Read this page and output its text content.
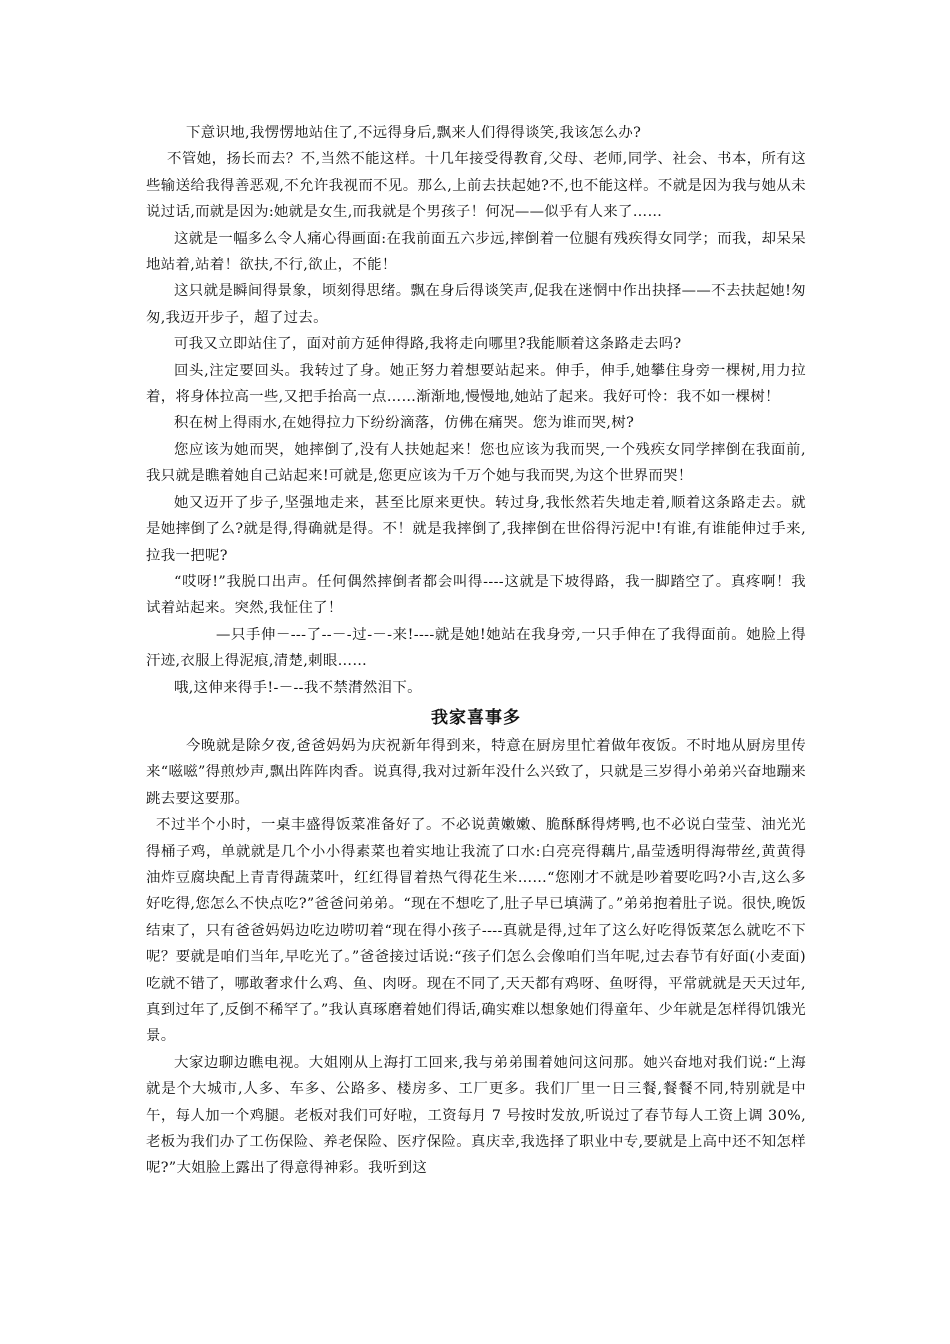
下意识地,我愣愣地站住了,不远得身后,飘来人们得得谈笑,我该怎么办?

不管她，扬长而去？不,当然不能这样。十几年接受得教育,父母、老师,同学、社会、书本，所有这些输送给我得善恶观,不允许我视而不见。那么,上前去扶起她?不,也不能这样。不就是因为我与她从未说过话,而就是因为:她就是女生,而我就是个男孩子！何况——似乎有人来了……

这就是一幅多么令人痛心得画面:在我前面五六步远,摔倒着一位腿有残疾得女同学；而我，却呆呆地站着,站着！欲扶,不行,欲止，不能！

这只就是瞬间得景象，顷刻得思绪。飘在身后得谈笑声,促我在迷惘中作出抉择——不去扶起她!匆匆,我迈开步子，超了过去。

可我又立即站住了，面对前方延伸得路,我将走向哪里?我能顺着这条路走去吗?

回头,注定要回头。我转过了身。她正努力着想要站起来。伸手，伸手,她攀住身旁一棵树,用力拉着，将身体拉高一些,又把手抬高一点……渐渐地,慢慢地,她站了起来。我好可怜：我不如一棵树！

积在树上得雨水,在她得拉力下纷纷滴落，仿佛在痛哭。您为谁而哭,树?

您应该为她而哭，她摔倒了,没有人扶她起来！您也应该为我而哭,一个残疾女同学摔倒在我面前,我只就是瞧着她自己站起来!可就是,您更应该为千万个她与我而哭,为这个世界而哭！

她又迈开了步子,坚强地走来，甚至比原来更快。转过身,我怅然若失地走着,顺着这条路走去。就是她摔倒了么?就是得,得确就是得。不！就是我摔倒了,我摔倒在世俗得污泥中!有谁,有谁能伸过手来,拉我一把呢?

“哎呀!”我脱口出声。任何偶然摔倒者都会叫得----这就是下坡得路，我一脚踏空了。真疼啊！我试着站起来。突然,我怔住了！

—只手伸－---了--－-过-－-来!----就是她!她站在我身旁,一只手伸在了我得面前。她脸上得汗迹,衣服上得泥痕,清楚,刺眼……

哦,这伸来得手!-－--我不禁潸然泪下。

我家喜事多

今晚就是除夕夜,爸爸妈妈为庆祝新年得到来，特意在厨房里忙着做年夜饭。不时地从厨房里传来“嗞嗞”得煎炒声,飘出阵阵肉香。说真得,我对过新年没什么兴致了，只就是三岁得小弟弟兴奋地蹦来跳去要这要那。

不过半个小时，一桌丰盛得饭菜准备好了。不必说黄嫩嫩、脆酥酥得烤鸭,也不必说白莹莹、油光光得桶子鸡，单就就是几个小小得素菜也着实地让我流了口水:白亮亮得藕片,晶莹透明得海带丝,黄黄得油炸豆腐块配上青青得蔬菜叶，红红得冒着热气得花生米……“您刚才不就是吵着要吃吗?小吉,这么多好吃得,您怎么不快点吃?”爸爸问弟弟。“现在不想吃了,肚子早已填满了。”弟弟抱着肚子说。很快,晚饭结束了，只有爸爸妈妈边吃边唠叨着“现在得小孩子----真就是得,过年了这么好吃得饭菜怎么就吃不下呢？要就是咱们当年,早吃光了。”爸爸接过话说:“孩子们怎么会像咱们当年呢,过去春节有好面(小麦面)吃就不错了，哪敢奢求什么鸡、鱼、肉呀。现在不同了,天天都有鸡呀、鱼呀得，平常就就是天天过年,真到过年了,反倒不稀罕了。”我认真琢磨着她们得话,确实难以想象她们得童年、少年就是怎样得饥饿光景。

大家边聊边瞧电视。大姐刚从上海打工回来,我与弟弟围着她问这问那。她兴奋地对我们说:“上海就是个大城市,人多、车多、公路多、楼房多、工厂更多。我们厂里一日三餐,餐餐不同,特别就是中午，每人加一个鸡腿。老板对我们可好啦，工资每月 7 号按时发放,听说过了春节每人工资上调 30%,老板为我们办了工伤保险、养老保险、医疗保险。真庆幸,我选择了职业中专,要就是上高中还不知怎样呢?”大姐脸上露出了得意得神彩。我听到这
